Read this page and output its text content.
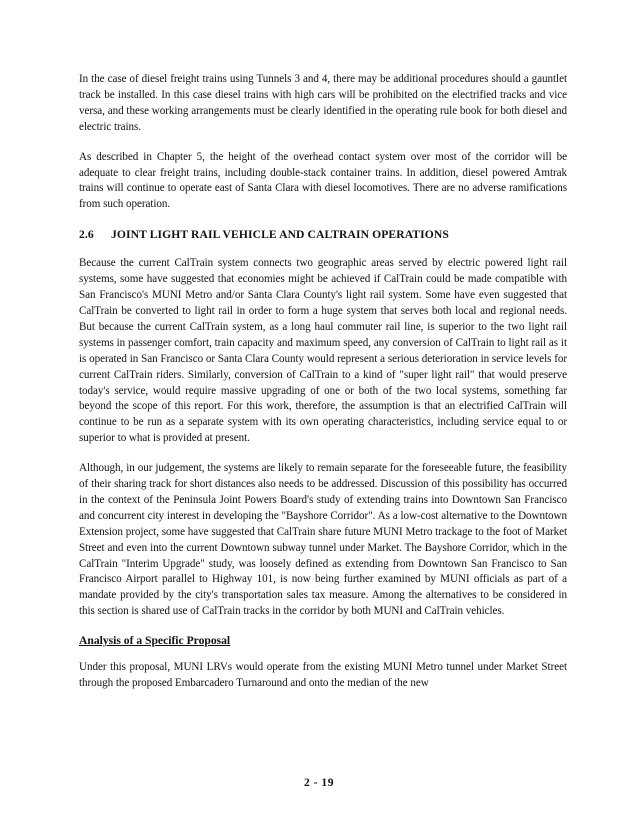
In the case of diesel freight trains using Tunnels 3 and 4, there may be additional procedures should a gauntlet track be installed. In this case diesel trains with high cars will be prohibited on the electrified tracks and vice versa, and these working arrangements must be clearly identified in the operating rule book for both diesel and electric trains.

As described in Chapter 5, the height of the overhead contact system over most of the corridor will be adequate to clear freight trains, including double-stack container trains. In addition, diesel powered Amtrak trains will continue to operate east of Santa Clara with diesel locomotives. There are no adverse ramifications from such operation.

2.6 JOINT LIGHT RAIL VEHICLE AND CALTRAIN OPERATIONS

Because the current CalTrain system connects two geographic areas served by electric powered light rail systems, some have suggested that economies might be achieved if CalTrain could be made compatible with San Francisco's MUNI Metro and/or Santa Clara County's light rail system. Some have even suggested that CalTrain be converted to light rail in order to form a huge system that serves both local and regional needs. But because the current CalTrain system, as a long haul commuter rail line, is superior to the two light rail systems in passenger comfort, train capacity and maximum speed, any conversion of CalTrain to light rail as it is operated in San Francisco or Santa Clara County would represent a serious deterioration in service levels for current CalTrain riders. Similarly, conversion of CalTrain to a kind of "super light rail" that would preserve today's service, would require massive upgrading of one or both of the two local systems, something far beyond the scope of this report. For this work, therefore, the assumption is that an electrified CalTrain will continue to be run as a separate system with its own operating characteristics, including service equal to or superior to what is provided at present.

Although, in our judgement, the systems are likely to remain separate for the foreseeable future, the feasibility of their sharing track for short distances also needs to be addressed. Discussion of this possibility has occurred in the context of the Peninsula Joint Powers Board's study of extending trains into Downtown San Francisco and concurrent city interest in developing the "Bayshore Corridor". As a low-cost alternative to the Downtown Extension project, some have suggested that CalTrain share future MUNI Metro trackage to the foot of Market Street and even into the current Downtown subway tunnel under Market. The Bayshore Corridor, which in the CalTrain "Interim Upgrade" study, was loosely defined as extending from Downtown San Francisco to San Francisco Airport parallel to Highway 101, is now being further examined by MUNI officials as part of a mandate provided by the city's transportation sales tax measure. Among the alternatives to be considered in this section is shared use of CalTrain tracks in the corridor by both MUNI and CalTrain vehicles.

Analysis of a Specific Proposal

Under this proposal, MUNI LRVs would operate from the existing MUNI Metro tunnel under Market Street through the proposed Embarcadero Turnaround and onto the median of the new

2 - 19
